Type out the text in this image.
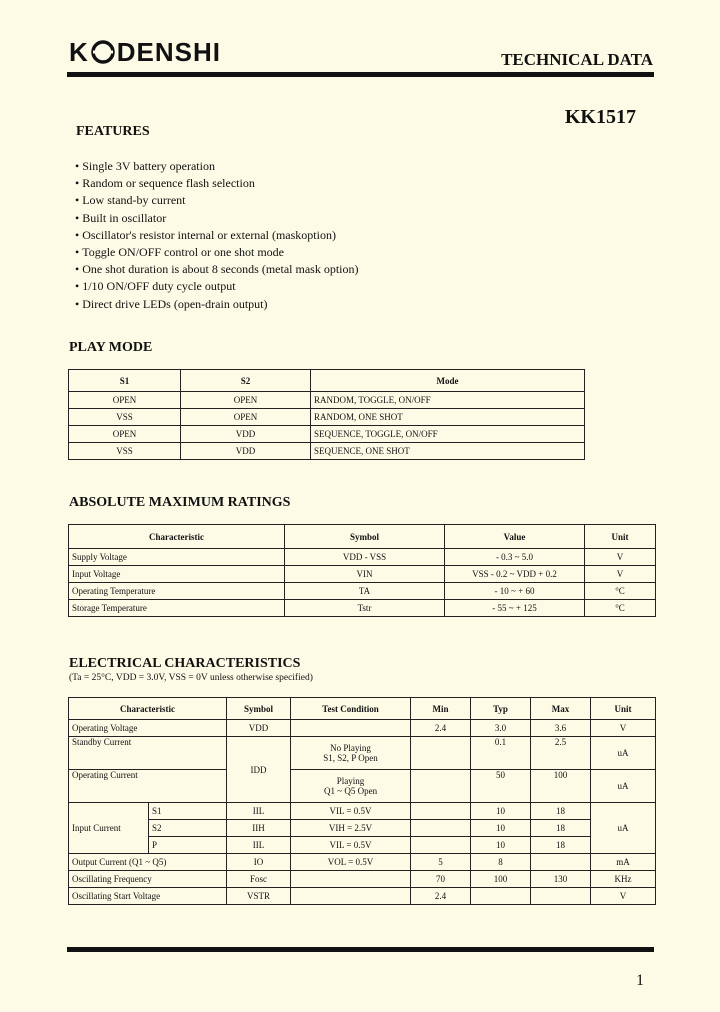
K DENSHI	TECHNICAL DATA
KK1517
FEATURES
• Single 3V battery operation
• Random or sequence flash selection
• Low stand-by current
• Built in oscillator
• Oscillator's resistor internal or external (maskoption)
• Toggle ON/OFF control or one shot mode
• One shot duration is about 8 seconds (metal mask option)
• 1/10 ON/OFF duty cycle output
• Direct drive LEDs (open-drain output)
PLAY MODE
S1	S2	Mode
OPEN	OPEN	RANDOM, TOGGLE, ON/OFF
VSS	OPEN	RANDOM, ONE SHOT
OPEN	VDD	SEQUENCE, TOGGLE, ON/OFF
VSS	VDD	SEQUENCE, ONE SHOT
ABSOLUTE MAXIMUM RATINGS
Characteristic	Symbol	Value	Unit
Supply Voltage	VDD - VSS	- 0.3 ~ 5.0	V
Input Voltage	VIN	VSS - 0.2 ~ VDD + 0.2	V
Operating Temperature	TA	- 10 ~ + 60	°C
Storage Temperature	Tstr	- 55 ~ + 125	°C
ELECTRICAL CHARACTERISTICS
(Ta = 25°C, VDD = 3.0V, VSS = 0V unless otherwise specified)
Characteristic		Symbol	Test Condition	Min	Typ	Max	Unit
Operating Voltage		VDD		2.4	3.0	3.6	V
Standby Current		IDD	No Playing
S1, S2, P Open		0.1	2.5	uA
Operating Current			Playing
Q1 ~ Q5 Open		50	100	uA
Input Current	S1	IIL	VIL = 0.5V		10	18	uA
	S2	IIH	VIH = 2.5V		10	18	
	P	IIL	VIL = 0.5V		10	18	
Output Current (Q1 ~ Q5)		IO	VOL = 0.5V	5	8		mA
Oscillating Frequency		Fosc		70	100	130	KHz
Oscillating Start Voltage		VSTR		2.4			V
1
